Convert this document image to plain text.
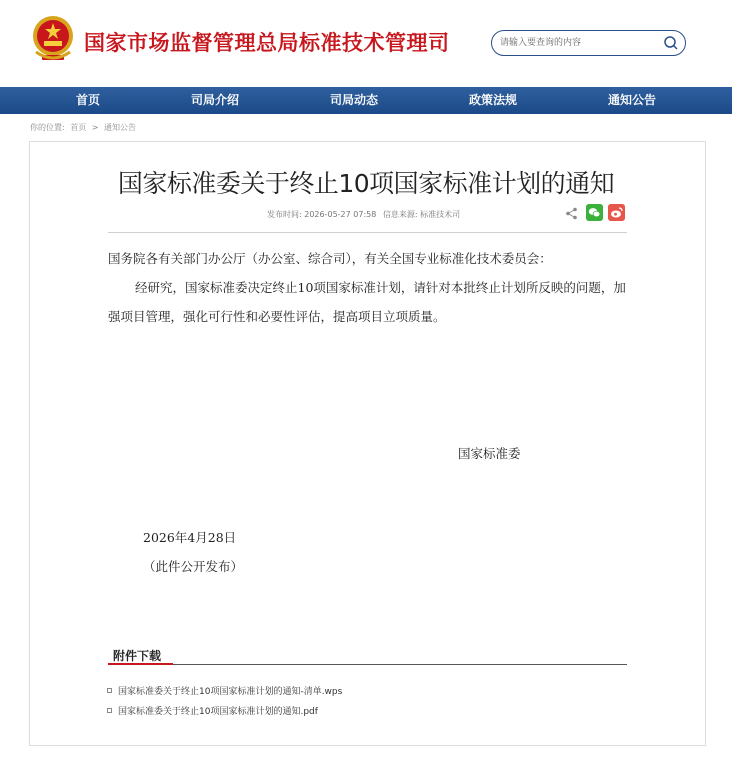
国家市场监督管理总局标准技术管理司
请输入要查询的内容
首页	司局介绍	司局动态	政策法规	通知公告
你的位置: 首页 > 通知公告
国家标准委关于终止10项国家标准计划的通知
发布时间: 2026-05-27 07:58 信息来源: 标准技术司
国务院各有关部门办公厅（办公室、综合司），有关全国专业标准化技术委员会：
经研究，国家标准委决定终止10项国家标准计划，请针对本批终止计划所反映的问题，加强项目管理，强化可行性和必要性评估，提高项目立项质量。
国家标准委
2026年4月28日
（此件公开发布）
附件下载
国家标准委关于终止10项国家标准计划的通知-清单.wps
国家标准委关于终止10项国家标准计划的通知.pdf
